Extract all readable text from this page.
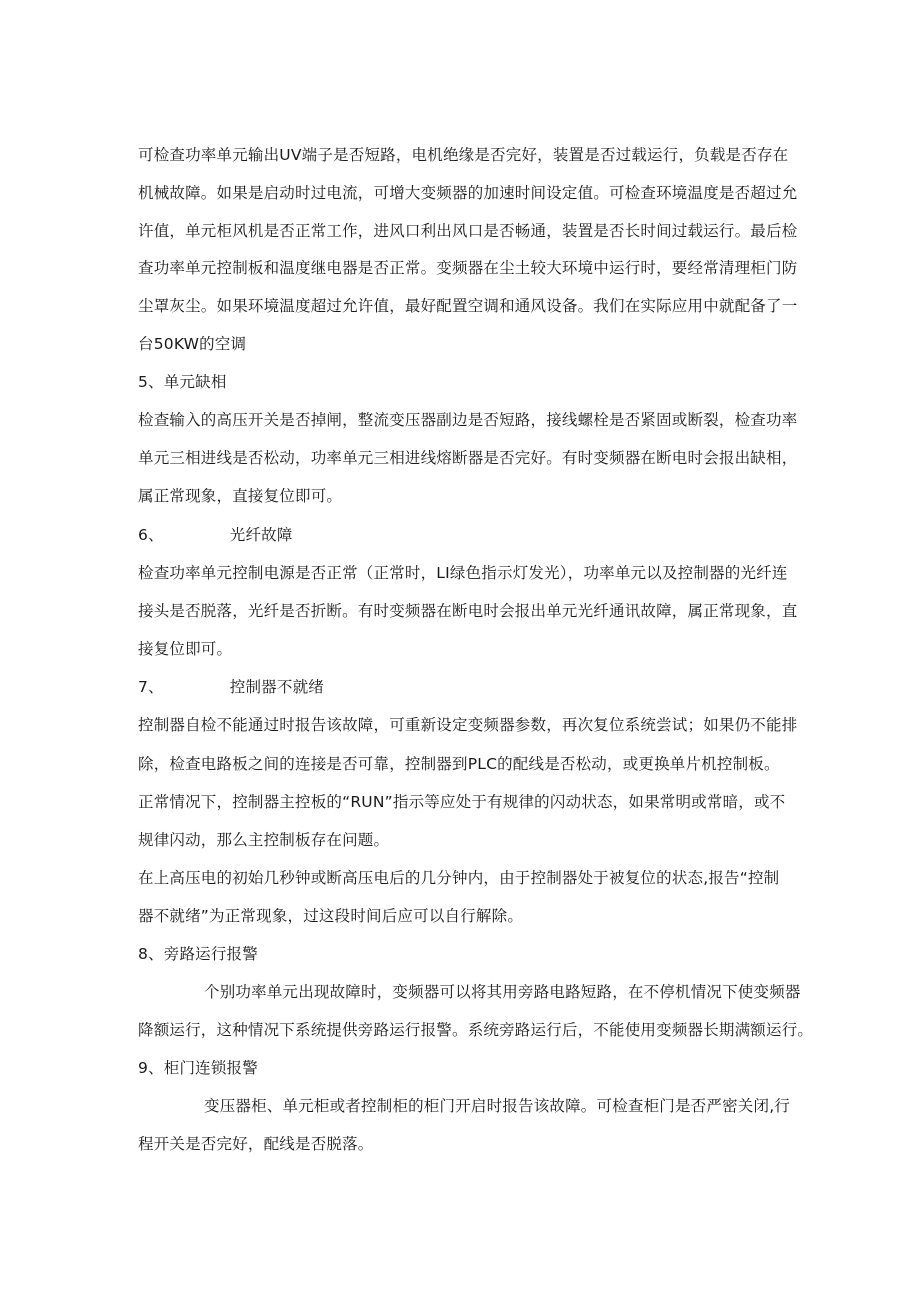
可检查功率单元输出UV端子是否短路，电机绝缘是否完好，装置是否过载运行，负载是否存在
机械故障。如果是启动时过电流，可增大变频器的加速时间设定值。可检查环境温度是否超过允
许值，单元柜风机是否正常工作，进风口利出风口是否畅通，装置是否长时间过载运行。最后检
查功率单元控制板和温度继电器是否正常。变频器在尘土较大环境中运行时，要经常清理柜门防
尘罩灰尘。如果环境温度超过允许值，最好配置空调和通风设备。我们在实际应用中就配备了一
台50KW的空调
5、单元缺相
检查输入的高压开关是否掉闸，整流变压器副边是否短路，接线螺栓是否紧固或断裂，检查功率
单元三相进线是否松动，功率单元三相进线熔断器是否完好。有时变频器在断电时会报出缺相，
属正常现象，直接复位即可。
6、	光纤故障
检查功率单元控制电源是否正常（正常时，LI绿色指示灯发光），功率单元以及控制器的光纤连
接头是否脱落，光纤是否折断。有时变频器在断电时会报出单元光纤通讯故障，属正常现象，直
接复位即可。
7、	控制器不就绪
控制器自检不能通过时报告该故障，可重新设定变频器参数，再次复位系统尝试；如果仍不能排
除，检查电路板之间的连接是否可靠，控制器到PLC的配线是否松动，或更换单片机控制板。
正常情况下，控制器主控板的“RUN”指示等应处于有规律的闪动状态，如果常明或常暗，或不
规律闪动，那么主控制板存在问题。
在上高压电的初始几秒钟或断高压电后的几分钟内，由于控制器处于被复位的状态,报告“控制
器不就绪”为正常现象，过这段时间后应可以自行解除。
8、旁路运行报警
个别功率单元出现故障时，变频器可以将其用旁路电路短路，在不停机情况下使变频器
降额运行，这种情况下系统提供旁路运行报警。系统旁路运行后，不能使用变频器长期满额运行。
9、柜门连锁报警
变压器柜、单元柜或者控制柜的柜门开启时报告该故障。可检查柜门是否严密关闭,行
程开关是否完好，配线是否脱落。
